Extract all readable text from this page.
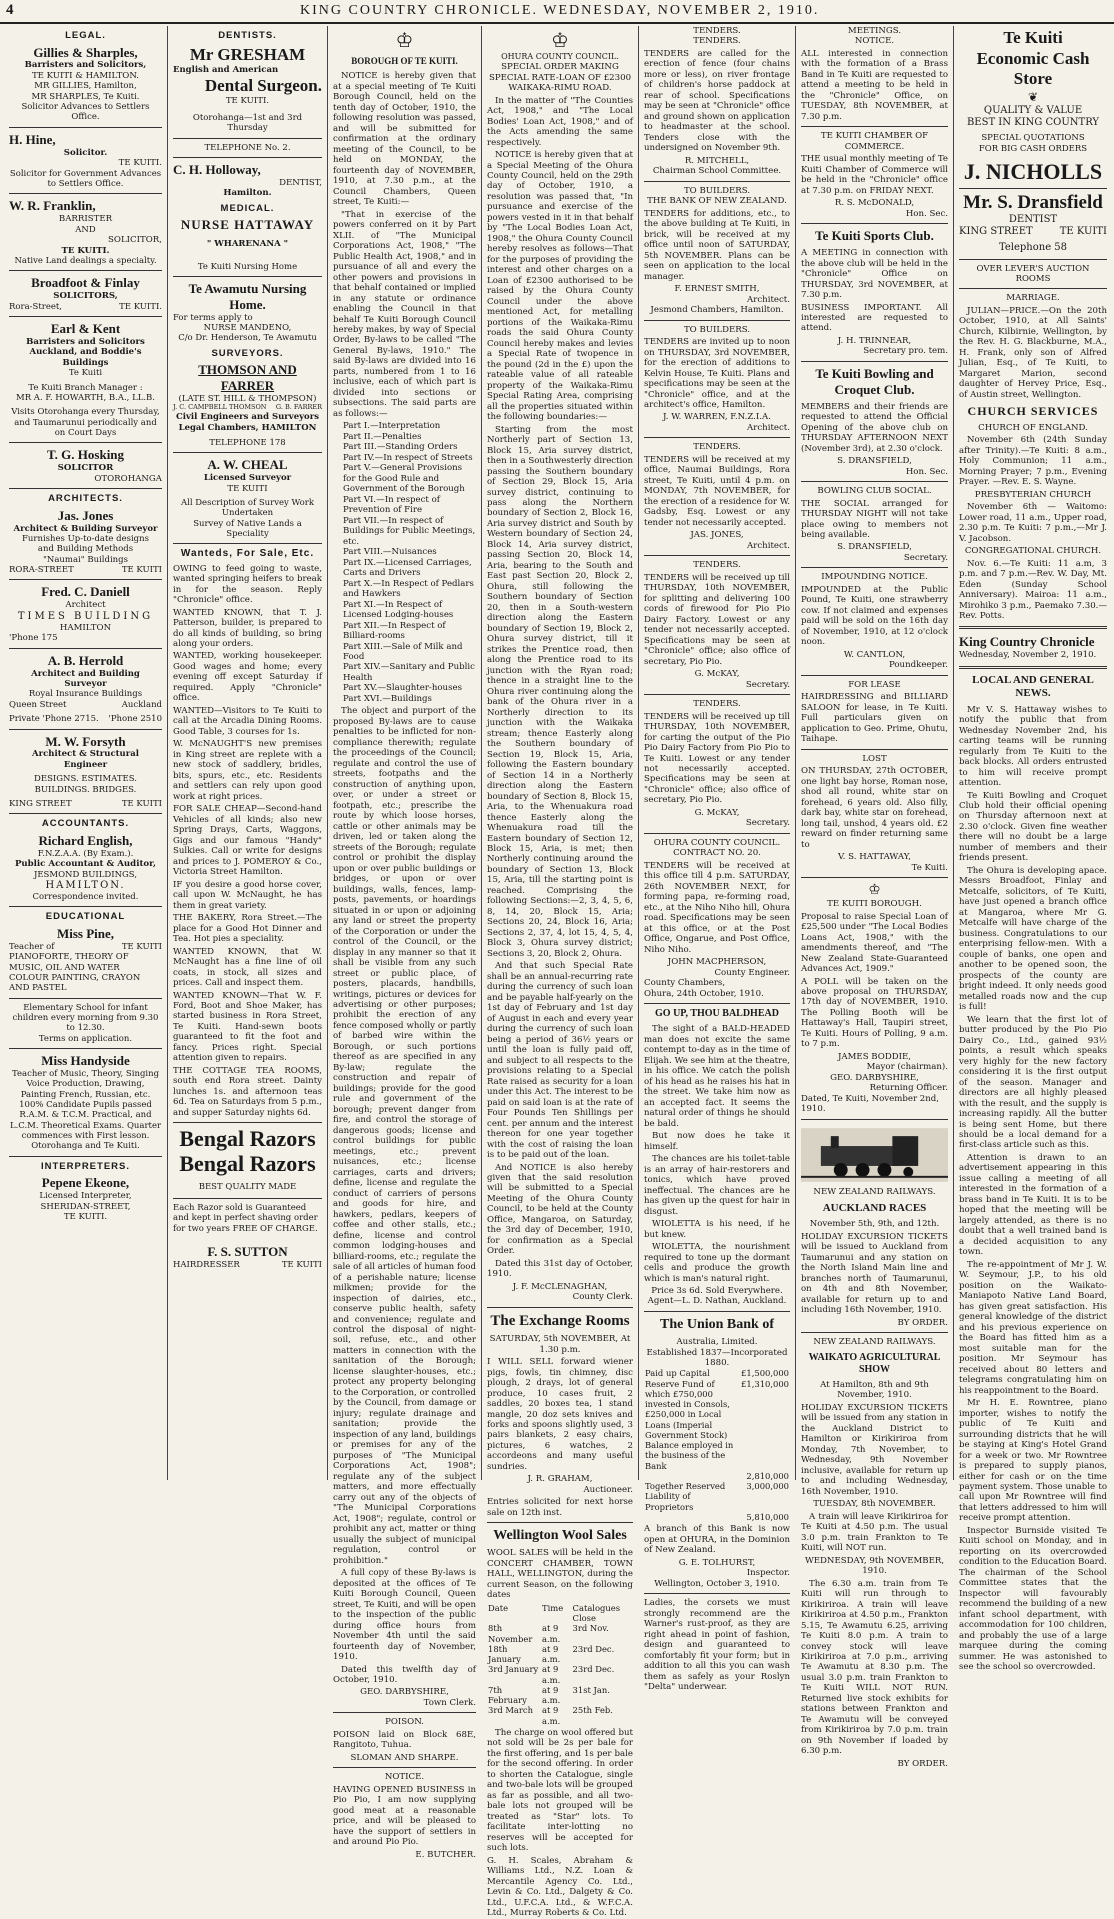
4	KING COUNTRY CHRONICLE. WEDNESDAY, NOVEMBER 2, 1910.
LEGAL.
Gillies & Sharples,
Barristers and Solicitors,
TE KUITI & HAMILTON.
MR GILLIES, Hamilton,
MR SHARPLES, Te Kuiti.
Solicitor Advances to Settlers Office.
H. Hine,
Solicitor.
TE KUITI.
Solicitor for Government Advances to Settlers Office.
W. R. Franklin,
BARRISTER
AND
SOLICITOR,
TE KUITI.
Native Land dealings a specialty.
Broadfoot & Finlay
SOLICITORS,
Rora-Street,	TE KUITI.
Earl & Kent
Barristers and Solicitors
Auckland, and Boddie's Buildings
Te Kuiti
Te Kuiti Branch Manager :
MR A. F. HOWARTH, B.A., LL.B.
Visits Otorohanga every Thursday, and Taumarunui periodically and on Court Days
T. G. Hosking
SOLICITOR
OTOROHANGA
ARCHITECTS.
Jas. Jones
Architect & Building Surveyor
Furnishes Up-to-date designs
and Building Methods
"Naumai" Buildings
RORA-STREET	TE KUITI
Fred. C. Daniell
Architect
TIMES BUILDING
HAMILTON
'Phone 175
A. B. Herrold
Architect and Building Surveyor
Royal Insurance Buildings
Queen Street	Auckland
Private 'Phone 2715. 'Phone 2510
M. W. Forsyth
Architect & Structural Engineer
DESIGNS. ESTIMATES.
BUILDINGS. BRIDGES.
KING STREET	TE KUITI
ACCOUNTANTS.
Richard English,
F.N.Z.A.A. (By Exam.).
Public Accountant & Auditor,
JESMOND BUILDINGS,
HAMILTON.
Correspondence invited.
EDUCATIONAL
Miss Pine,
Teacher of	TE KUITI
PIANOFORTE, THEORY OF MUSIC, OIL AND WATER COLOUR PAINTING, CRAYON AND PASTEL
Elementary School for infant children every morning from 9.30 to 12.30.
Terms on application.
Miss Handyside
Teacher of Music, Theory, Singing Voice Production, Drawing, Painting French, Russian, etc. 100% Candidate Pupils passed R.A.M. & T.C.M. Practical, and L.C.M. Theoretical Exams. Quarter commences with First lesson. Otorohanga and Te Kuiti.
INTERPRETERS.
Pepene Ekeone,
Licensed Interpreter,
SHERIDAN-STREET,
TE KUITI.
DENTISTS.
Mr GRESHAM
English and American
Dental Surgeon.
TE KUITI.
Otorohanga—1st and 3rd Thursday
TELEPHONE No. 2.
C. H. Holloway,
DENTIST,
Hamilton.
MEDICAL.
NURSE HATTAWAY
" WHARENANA "
Te Kuiti Nursing Home
Te Awamutu Nursing Home.
For terms apply to
NURSE MANDENO,
C/o Dr. Henderson, Te Awamutu
SURVEYORS.
THOMSON AND FARRER
(LATE ST. HILL & THOMPSON)
J. C. CAMPBELL THOMSON G. B. FARRER
Civil Engineers and Surveyors
Legal Chambers, HAMILTON
TELEPHONE 178
A. W. CHEAL
Licensed Surveyor
TE KUITI
All Description of Survey Work
Undertaken
Survey of Native Lands a Speciality
Wanteds, For Sale, Etc.
OWING to feed going to waste, wanted springing heifers to break in for the season. Reply "Chronicle" office.
WANTED KNOWN, that T. J. Patterson, builder, is prepared to do all kinds of building, so bring along your orders.
WANTED, working housekeeper. Good wages and home; every evening off except Saturday if required. Apply "Chronicle" office.
WANTED—Visitors to Te Kuiti to call at the Arcadia Dining Rooms. Good Table, 3 courses for 1s.
W. McNAUGHT'S new premises in King street are replete with a new stock of saddlery, bridles, bits, spurs, etc., etc. Residents and settlers can rely upon good work at right prices.
FOR SALE CHEAP—Second-hand Vehicles of all kinds; also new Spring Drays, Carts, Waggons, Gigs and our famous "Handy" Sulkies. Call or write for designs and prices to J. POMEROY & Co., Victoria Street Hamilton.
IF you desire a good horse cover, call upon W. McNaught, he has them in great variety.
THE BAKERY, Rora Street.—The place for a Good Hot Dinner and Tea. Hot pies a speciality.
WANTED KNOWN, that W. McNaught has a fine line of oil coats, in stock, all sizes and prices. Call and inspect them.
WANTED KNOWN—That W. F. Ford, Boot and Shoe Maker, has started business in Rora Street, Te Kuiti. Hand-sewn boots guaranteed to fit the foot and fancy. Prices right. Special attention given to repairs.
THE COTTAGE TEA ROOMS, south end Rora street. Dainty lunches 1s. and afternoon teas 6d. Tea on Saturdays from 5 p.m., and supper Saturday nights 6d.
Bengal Razors
Bengal Razors
BEST QUALITY MADE
Each Razor sold is Guaranteed and kept in perfect shaving order for two years FREE OF CHARGE.
F. S. SUTTON
HAIRDRESSER	TE KUITI
♔
BOROUGH OF TE KUITI.
NOTICE is hereby given that at a special meeting of Te Kuiti Borough Council, held on the tenth day of October, 1910, the following resolution was passed, and will be submitted for confirmation at the ordinary meeting of the Council, to be held on MONDAY, the fourteenth day of NOVEMBER, 1910, at 7.30 p.m., at the Council Chambers, Queen street, Te Kuiti:—
"That in exercise of the powers conferred on it by Part XLII. of "The Municipal Corporations Act, 1908," "The Public Health Act, 1908," and in pursuance of all and every the other powers and provisions in that behalf contained or implied in any statute or ordinance enabling the Council in that behalf Te Kuiti Borough Council hereby makes, by way of Special Order, By-laws to be called "The General By-laws, 1910." The said By-laws are divided into 16 parts, numbered from 1 to 16 inclusive, each of which part is divided into sections or subsections. The said parts are as follows:—
Part I.—Interpretation
Part II.—Penalties
Part III.—Standing Orders
Part IV.—In respect of Streets
Part V.—General Provisions for the Good Rule and Government of the Borough
Part VI.—In respect of Prevention of Fire
Part VII.—In respect of Buildings for Public Meetings, etc.
Part VIII.—Nuisances
Part IX.—Licensed Carriages, Carts and Drivers
Part X.—In Respect of Pedlars and Hawkers
Part XI.—In Respect of Licensed Lodging-houses
Part XII.—In Respect of Billiard-rooms
Part XIII.—Sale of Milk and Food
Part XIV.—Sanitary and Public Health
Part XV.—Slaughter-houses
Part XVI.—Buildings
The object and purport of the proposed By-laws are to cause penalties to be inflicted for non-compliance therewith; regulate the proceedings of the Council; regulate and control the use of streets, footpaths and the construction of anything upon, over, or under a street or footpath, etc.; prescribe the route by which loose horses, cattle or other animals may be driven, led or taken along the streets of the Borough; regulate control or prohibit the display upon or over public buildings or bridges, or upon or over buildings, walls, fences, lamp-posts, pavements, or hoardings situated in or upon or adjoining any land or street the property of the Corporation or under the control of the Council, or the display in any manner so that it shall be visible from any such street or public place, of posters, placards, handbills, writings, pictures or devices for advertising or other purposes; prohibit the erection of any fence composed wholly or partly of barbed wire within the Borough, or such portions thereof as are specified in any By-law; regulate the construction and repair of buildings; provide for the good rule and government of the borough; prevent danger from fire, and control the storage of dangerous goods; license and control buildings for public meetings, etc.; prevent nuisances, etc.; license carriages, carts and drivers; define, license and regulate the conduct of carriers of persons and goods for hire, and hawkers, pedlars, keepers of coffee and other stalls, etc.; define, license and control common lodging-houses and billiard-rooms, etc.; regulate the sale of all articles of human food of a perishable nature; license milkmen; provide for the inspection of dairies, etc., conserve public health, safety and convenience; regulate and control the disposal of night-soil, refuse, etc., and other matters in connection with the sanitation of the Borough; license slaughter-houses, etc.; protect any property belonging to the Corporation, or controlled by the Council, from damage or injury; regulate drainage and sanitation; provide the inspection of any land, buildings or premises for any of the purposes of "The Municipal Corporations Act, 1908"; regulate any of the subject matters, and more effectually carry out any of the objects of "The Municipal Corporations Act, 1908"; regulate, control or prohibit any act, matter or thing usually the subject of municipal regulation, control or prohibition."
A full copy of these By-laws is deposited at the offices of Te Kuiti Borough Council, Queen street, Te Kuiti, and will be open to the inspection of the public during office hours from November 4th until the said fourteenth day of November, 1910.
Dated this twelfth day of October, 1910.
GEO. DARBYSHIRE,
Town Clerk.
POISON.
POISON laid on Block 68E, Rangitoto, Tuhua.
SLOMAN AND SHARPE.
NOTICE.
HAVING OPENED BUSINESS in Pio Pio, I am now supplying good meat at a reasonable price, and will be pleased to have the support of settlers in and around Pio Pio.
E. BUTCHER.
♔
OHURA COUNTY COUNCIL.
SPECIAL ORDER MAKING SPECIAL RATE-LOAN OF £2300 WAIKAKA-RIMU ROAD.
In the matter of "The Counties Act, 1908," and "The Local Bodies' Loan Act, 1908," and of the Acts amending the same respectively.
NOTICE is hereby given that at a Special Meeting of the Ohura County Council, held on the 29th day of October, 1910, a resolution was passed that, "In pursuance and exercise of the powers vested in it in that behalf by "The Local Bodies Loan Act, 1908," the Ohura County Council hereby resolves as follows—That for the purposes of providing the interest and other charges on a Loan of £2300 authorised to be raised by the Ohura County Council under the above mentioned Act, for metalling portions of the Waikaka-Rimu roads the said Ohura County Council hereby makes and levies a Special Rate of twopence in the pound (2d in the £) upon the rateable value of all rateable property of the Waikaka-Rimu Special Rating Area, comprising all the properties situated within the following boundaries:—
Starting from the most Northerly part of Section 13, Block 15, Aria survey district, then in a Southwesterly direction passing the Southern boundary of Section 29, Block 15, Aria survey district, continuing to pass along the Northern boundary of Section 2, Block 16, Aria survey district and South by Western boundary of Section 24, Block 14, Aria survey district, passing Section 20, Block 14, Aria, bearing to the South and East past Section 20, Block 2, Ohura, still following the Southern boundary of Section 20, then in a South-western direction along the Eastern boundary of Section 19, Block 2, Ohura survey district, till it strikes the Prentice road, then along the Prentice road to its junction with the Ryan road; thence in a straight line to the Ohura river continuing along the bank of the Ohura river in a Northerly direction to its junction with the Waikaka stream; thence Easterly along the Southern boundary of Section 19, Block 15, Aria, following the Eastern boundary of Section 14 in a Northerly direction along the Eastern boundary of Section 8, Block 15, Aria, to the Whenuakura road thence Easterly along the Whenuakura road till the Eastern boundary of Section 12, Block 15, Aria, is met; then Northerly continuing around the boundary of Section 13, Block 15, Aria, till the starting point is reached. Comprising the following Sections:—2, 3, 4, 5, 6, 8, 14, 20, Block 15, Aria; Sections 20, 24, Block 16, Aria; Sections 2, 37, 4, lot 15, 4, 5, 4, Block 3, Ohura survey district; Sections 3, 20, Block 2, Ohura.
And that such Special Rate shall be an annual-recurring rate during the currency of such loan and be payable half-yearly on the 1st day of February and 1st day of August in each and every year during the currency of such loan being a period of 36½ years or until the loan is fully paid off, and subject to all respects to the provisions relating to a Special Rate raised as security for a loan under this Act. The interest to be paid on said loan is at the rate of Four Pounds Ten Shillings per cent. per annum and the interest thereon for one year together with the cost of raising the loan is to be paid out of the loan.
And NOTICE is also hereby given that the said resolution will be submitted to a Special Meeting of the Ohura County Council, to be held at the County Office, Mangaroa, on Saturday, the 3rd day of December, 1910, for confirmation as a Special Order.
Dated this 31st day of October, 1910.
J. F. McCLENAGHAN,
County Clerk.
The Exchange Rooms
SATURDAY, 5th NOVEMBER, At 1.30 p.m.
I WILL SELL forward wiener pigs, fowls, tin chimney, disc plough, 2 drays, lot of general produce, 10 cases fruit, 2 saddles, 20 boxes tea, 1 stand mangle, 20 doz sets knives and forks and spoons slightly used, 3 pairs blankets, 2 easy chairs, pictures, 6 watches, 2 accordeons and many useful sundries.
J. R. GRAHAM,
Auctioneer.
Entries solicited for next horse sale on 12th inst.
Wellington Wool Sales
WOOL SALES will be held in the CONCERT CHAMBER, TOWN HALL, WELLINGTON, during the current Season, on the following dates
Date	Time	Catalogues Close
8th November	at 9 a.m.	3rd Nov.
18th January	at 9 a.m.	23rd Dec.
3rd January	at 9 a.m.	23rd Dec.
7th February	at 9 a.m.	31st Jan.
3rd March	at 9 a.m.	25th Feb.
The charge on wool offered but not sold will be 2s per bale for the first offering, and 1s per bale for the second offering. In order to shorten the Catalogue, single and two-bale lots will be grouped as far as possible, and all two-bale lots not grouped will be treated as "Star" lots. To facilitate inter-lotting no reserves will be accepted for such lots.
G. H. Scales, Abraham & Williams Ltd., N.Z. Loan & Mercantile Agency Co. Ltd., Levin & Co. Ltd., Dalgety & Co. Ltd., U.F.C.A. Ltd., & W.F.C.A. Ltd., Murray Roberts & Co. Ltd.
TENDERS.
TENDERS.
TENDERS are called for the erection of fence (four chains more or less), on river frontage of children's horse paddock at rear of school. Specifications may be seen at "Chronicle" office and ground shown on application to headmaster at the school. Tenders close with the undersigned on November 9th.
R. MITCHELL,
Chairman School Committee.
TO BUILDERS.
THE BANK OF NEW ZEALAND.
TENDERS for additions, etc., to the above building at Te Kuiti, in brick, will be received at my office until noon of SATURDAY, 5th NOVEMBER. Plans can be seen on application to the local manager.
F. ERNEST SMITH,
Architect.
Jesmond Chambers, Hamilton.
TO BUILDERS.
TENDERS are invited up to noon on THURSDAY, 3rd NOVEMBER, for the erection of additions to Kelvin House, Te Kuiti. Plans and specifications may be seen at the "Chronicle" office, and at the architect's office, Hamilton.
J. W. WARREN, F.N.Z.I.A.
Architect.
TENDERS.
TENDERS will be received at my office, Naumai Buildings, Rora street, Te Kuiti, until 4 p.m. on MONDAY, 7th NOVEMBER, for the erection of a residence for W. Gadsby, Esq. Lowest or any tender not necessarily accepted.
JAS. JONES,
Architect.
TENDERS.
TENDERS will be received up till THURSDAY, 10th NOVEMBER, for splitting and delivering 100 cords of firewood for Pio Pio Dairy Factory. Lowest or any tender not necessarily accepted. Specifications may be seen at "Chronicle" office; also office of secretary, Pio Pio.
G. McKAY,
Secretary.
TENDERS.
TENDERS will be received up till THURSDAY, 10th NOVEMBER, for carting the output of the Pio Pio Dairy Factory from Pio Pio to Te Kuiti. Lowest or any tender not necessarily accepted. Specifications may be seen at "Chronicle" office; also office of secretary, Pio Pio.
G. McKAY,
Secretary.
OHURA COUNTY COUNCIL.
CONTRACT NO. 20.
TENDERS will be received at this office till 4 p.m. SATURDAY, 26th NOVEMBER NEXT, for forming papa, re-forming road, etc., at the Niho Niho hill, Ohura road. Specifications may be seen at this office, or at the Post Office, Ongarue, and Post Office, Niho Niho.
JOHN MACPHERSON,
County Engineer.
County Chambers,
Ohura, 24th October, 1910.
GO UP, THOU BALDHEAD
The sight of a BALD-HEADED man does not excite the same contempt to-day as in the time of Elijah. We see him at the theatre, in his office. We catch the polish of his head as he raises his hat in the street. We take him now as an accepted fact. It seems the natural order of things he should be bald.
But now does he take it himself.
The chances are his toilet-table is an array of hair-restorers and tonics, which have proved ineffectual. The chances are he has given up the quest for hair in disgust.
WIOLETTA is his need, if he but knew.
WIOLETTA, the nourishment required to tone up the dormant cells and produce the growth which is man's natural right.
Price 3s 6d. Sold Everywhere.
Agent—L. D. Nathan, Auckland.
The Union Bank of
Australia, Limited.
Established 1837—Incorporated 1880.
Paid up Capital	£1,500,000
Reserve Fund of which £750,000 invested in Consols, £250,000 in Local Loans (Imperial Government Stock) Balance employed in the business of the Bank	£1,310,000
	2,810,000
Together Reserved Liability of Proprietors	3,000,000
	5,810,000
A branch of this Bank is now open at OHURA, in the Dominion of New Zealand.
G. E. TOLHURST,
Inspector.
Wellington, October 3, 1910.
Ladies, the corsets we must strongly recommend are the Warner's rust-proof, as they are right ahead in point of fashion, design and guaranteed to comfortably fit your form; but in addition to all this you can wash them as safely as your Roslyn "Delta" underwear.
MEETINGS.
NOTICE.
ALL interested in connection with the formation of a Brass Band in Te Kuiti are requested to attend a meeting to be held in the "Chronicle" Office, on TUESDAY, 8th NOVEMBER, at 7.30 p.m.
TE KUITI CHAMBER OF COMMERCE.
THE usual monthly meeting of Te Kuiti Chamber of Commerce will be held in the "Chronicle" office at 7.30 p.m. on FRIDAY NEXT.
R. S. McDONALD,
Hon. Sec.
Te Kuiti Sports Club.
A MEETING in connection with the above club will be held in the "Chronicle" Office on THURSDAY, 3rd NOVEMBER, at 7.30 p.m.
BUSINESS IMPORTANT. All interested are requested to attend.
J. H. TRINNEAR,
Secretary pro. tem.
Te Kuiti Bowling and Croquet Club.
MEMBERS and their friends are requested to attend the Official Opening of the above club on THURSDAY AFTERNOON NEXT (November 3rd), at 2.30 o'clock.
S. DRANSFIELD,
Hon. Sec.
BOWLING CLUB SOCIAL.
THE SOCIAL arranged for THURSDAY NIGHT will not take place owing to members not being available.
S. DRANSFIELD,
Secretary.
IMPOUNDING NOTICE.
IMPOUNDED at the Public Pound, Te Kuiti, one strawberry cow. If not claimed and expenses paid will be sold on the 16th day of November, 1910, at 12 o'clock noon.
W. CANTLON,
Poundkeeper.
FOR LEASE
HAIRDRESSING and BILLIARD SALOON for lease, in Te Kuiti. Full particulars given on application to Geo. Prime, Ohutu, Taihape.
LOST
ON THURSDAY, 27th OCTOBER, one light bay horse, Roman nose, shod all round, white star on forehead, 6 years old. Also filly, dark bay, white star on forehead, long tail, unshod, 4 years old. £2 reward on finder returning same to
V. S. HATTAWAY,
Te Kuiti.
♔
TE KUITI BOROUGH.
Proposal to raise Special Loan of £25,500 under "The Local Bodies Loans Act, 1908," with the amendments thereof, and "The New Zealand State-Guaranteed Advances Act, 1909."
A POLL will be taken on the above proposal on THURSDAY, 17th day of NOVEMBER, 1910. The Polling Booth will be Hattaway's Hall, Taupiri street, Te Kuiti. Hours of Polling, 9 a.m. to 7 p.m.
JAMES BODDIE,
Mayor (chairman).
GEO. DARBYSHIRE,
Returning Officer.
Dated, Te Kuiti, November 2nd, 1910.
NEW ZEALAND RAILWAYS.
AUCKLAND RACES
November 5th, 9th, and 12th.
HOLIDAY EXCURSION TICKETS will be issued to Auckland from Taumarunui and any station on the North Island Main line and branches north of Taumarunui, on 4th and 8th November, available for return up to and including 16th November, 1910.
BY ORDER.
NEW ZEALAND RAILWAYS.
WAIKATO AGRICULTURAL SHOW
At Hamilton, 8th and 9th November, 1910.
HOLIDAY EXCURSION TICKETS will be issued from any station in the Auckland District to Hamilton or Kirikiriroa from Monday, 7th November, to Wednesday, 9th November inclusive, available for return up to and including Wednesday, 16th November, 1910.
TUESDAY, 8th NOVEMBER.
A train will leave Kirikiriroa for Te Kuiti at 4.50 p.m. The usual 3.0 p.m. train Frankton to Te Kuiti, will NOT run.
WEDNESDAY, 9th NOVEMBER, 1910.
The 6.30 a.m. train from Te Kuiti will run through to Kirikiriroa. A train will leave Kirikiriroa at 4.50 p.m., Frankton 5.15, Te Awamutu 6.25, arriving Te Kuiti 8.0 p.m. A train to convey stock will leave Kirikiriroa at 7.0 p.m., arriving Te Awamutu at 8.30 p.m. The usual 3.0 p.m. train Frankton to Te Kuiti WILL NOT RUN. Returned live stock exhibits for stations between Frankton and Te Awamutu will be conveyed from Kirikiriroa by 7.0 p.m. train on 9th November if loaded by 6.30 p.m.
BY ORDER.
Te Kuiti
Economic Cash Store
❦
QUALITY & VALUE
BEST IN KING COUNTRY
SPECIAL QUOTATIONS
FOR BIG CASH ORDERS
J. NICHOLLS
Mr. S. Dransfield
DENTIST
KING STREET	TE KUITI
Telephone 58
OVER LEVER'S AUCTION ROOMS
MARRIAGE.
JULIAN—PRICE.—On the 20th October, 1910, at All Saints' Church, Kilbirnie, Wellington, by the Rev. H. G. Blackburne, M.A., H. Frank, only son of Alfred Julian, Esq., of Te Kuiti, to Margaret Marion, second daughter of Hervey Price, Esq., of Austin street, Wellington.
CHURCH SERVICES
CHURCH OF ENGLAND.
November 6th (24th Sunday after Trinity).—Te Kuiti: 8 a.m., Holy Communion; 11 a.m., Morning Prayer; 7 p.m., Evening Prayer. —Rev. E. S. Wayne.
PRESBYTERIAN CHURCH
November 6th — Waitomo: Lower road, 11 a.m., Upper road, 2.30 p.m. Te Kuiti: 7 p.m.,—Mr J. V. Jacobson.
CONGREGATIONAL CHURCH.
Nov. 6.—Te Kuiti: 11 a.m, 3 p.m. and 7 p.m.—Rev. W. Day, Mt. Eden (Sunday School Anniversary). Mairoa: 11 a.m., Mirohiko 3 p.m., Paemako 7.30.—Rev. Potts.
King Country Chronicle
Wednesday, November 2, 1910.
LOCAL AND GENERAL NEWS.
Mr V. S. Hattaway wishes to notify the public that from Wednesday November 2nd, his carting teams will be running regularly from Te Kuiti to the back blocks. All orders entrusted to him will receive prompt attention.
Te Kuiti Bowling and Croquet Club hold their official opening on Thursday afternoon next at 2.30 o'clock. Given fine weather there will no doubt be a large number of members and their friends present.
The Ohura is developing apace. Messrs Broadfoot, Finlay and Metcalfe, solicitors, of Te Kuiti, have just opened a branch office at Mangaroa, where Mr G. Metcalfe will have charge of the business. Congratulations to our enterprising fellow-men. With a couple of banks, one open and another to be opened soon, the prospects of the county are bright indeed. It only needs good metalled roads now and the cup is full!
We learn that the first lot of butter produced by the Pio Pio Dairy Co., Ltd., gained 93½ points, a result which speaks very highly for the new factory considering it is the first output of the season. Manager and directors are all highly pleased with the result, and the supply is increasing rapidly. All the butter is being sent Home, but there should be a local demand for a first-class article such as this.
Attention is drawn to an advertisement appearing in this issue calling a meeting of all interested in the formation of a brass band in Te Kuiti. It is to be hoped that the meeting will be largely attended, as there is no doubt that a well trained band is a decided acquisition to any town.
The re-appointment of Mr J. W. W. Seymour, J.P., to his old position on the Waikato-Maniapoto Native Land Board, has given great satisfaction. His general knowledge of the district and his previous experience on the Board has fitted him as a most suitable man for the position. Mr Seymour has received about 80 letters and telegrams congratulating him on his reappointment to the Board.
Mr H. E. Rowntree, piano importer, wishes to notify the public of Te Kuiti and surrounding districts that he will be staying at King's Hotel Grand for a week or two. Mr Rowntree is prepared to supply pianos, either for cash or on the time payment system. Those unable to call upon Mr Rowntree will find that letters addressed to him will receive prompt attention.
Inspector Burnside visited Te Kuiti school on Monday, and in reporting on its overcrowded condition to the Education Board. The chairman of the School Committee states that the Inspector will favourably recommend the building of a new infant school department, with accommodation for 100 children, and probably the use of a large marquee during the coming summer. He was astonished to see the school so overcrowded.
